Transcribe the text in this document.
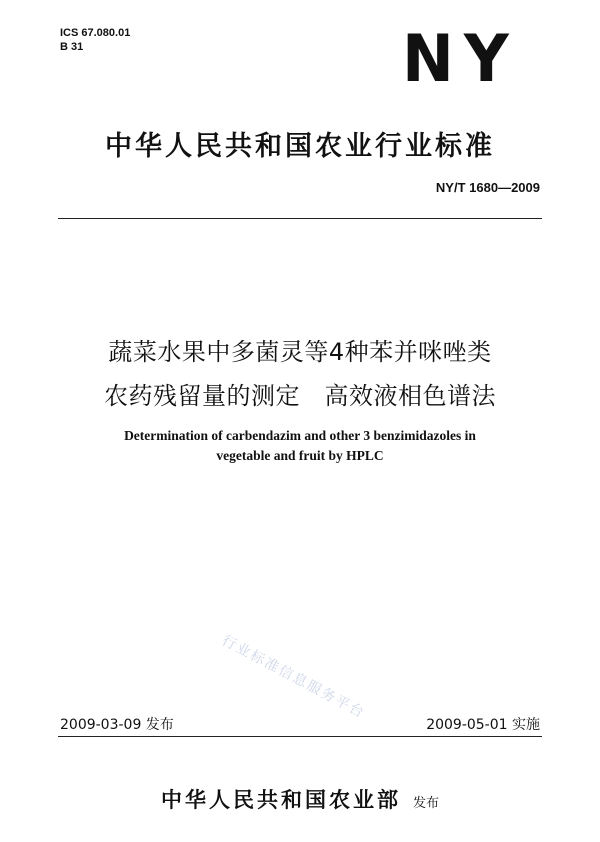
ICS 67.080.01
B 31	NY
中华人民共和国农业行业标准
NY/T 1680—2009
蔬菜水果中多菌灵等4种苯并咪唑类
农药残留量的测定　高效液相色谱法
Determination of carbendazim and other 3 benzimidazoles in
vegetable and fruit by HPLC
行业标准信息服务平台
2009-03-09 发布	2009-05-01 实施
中华人民共和国农业部 发布
